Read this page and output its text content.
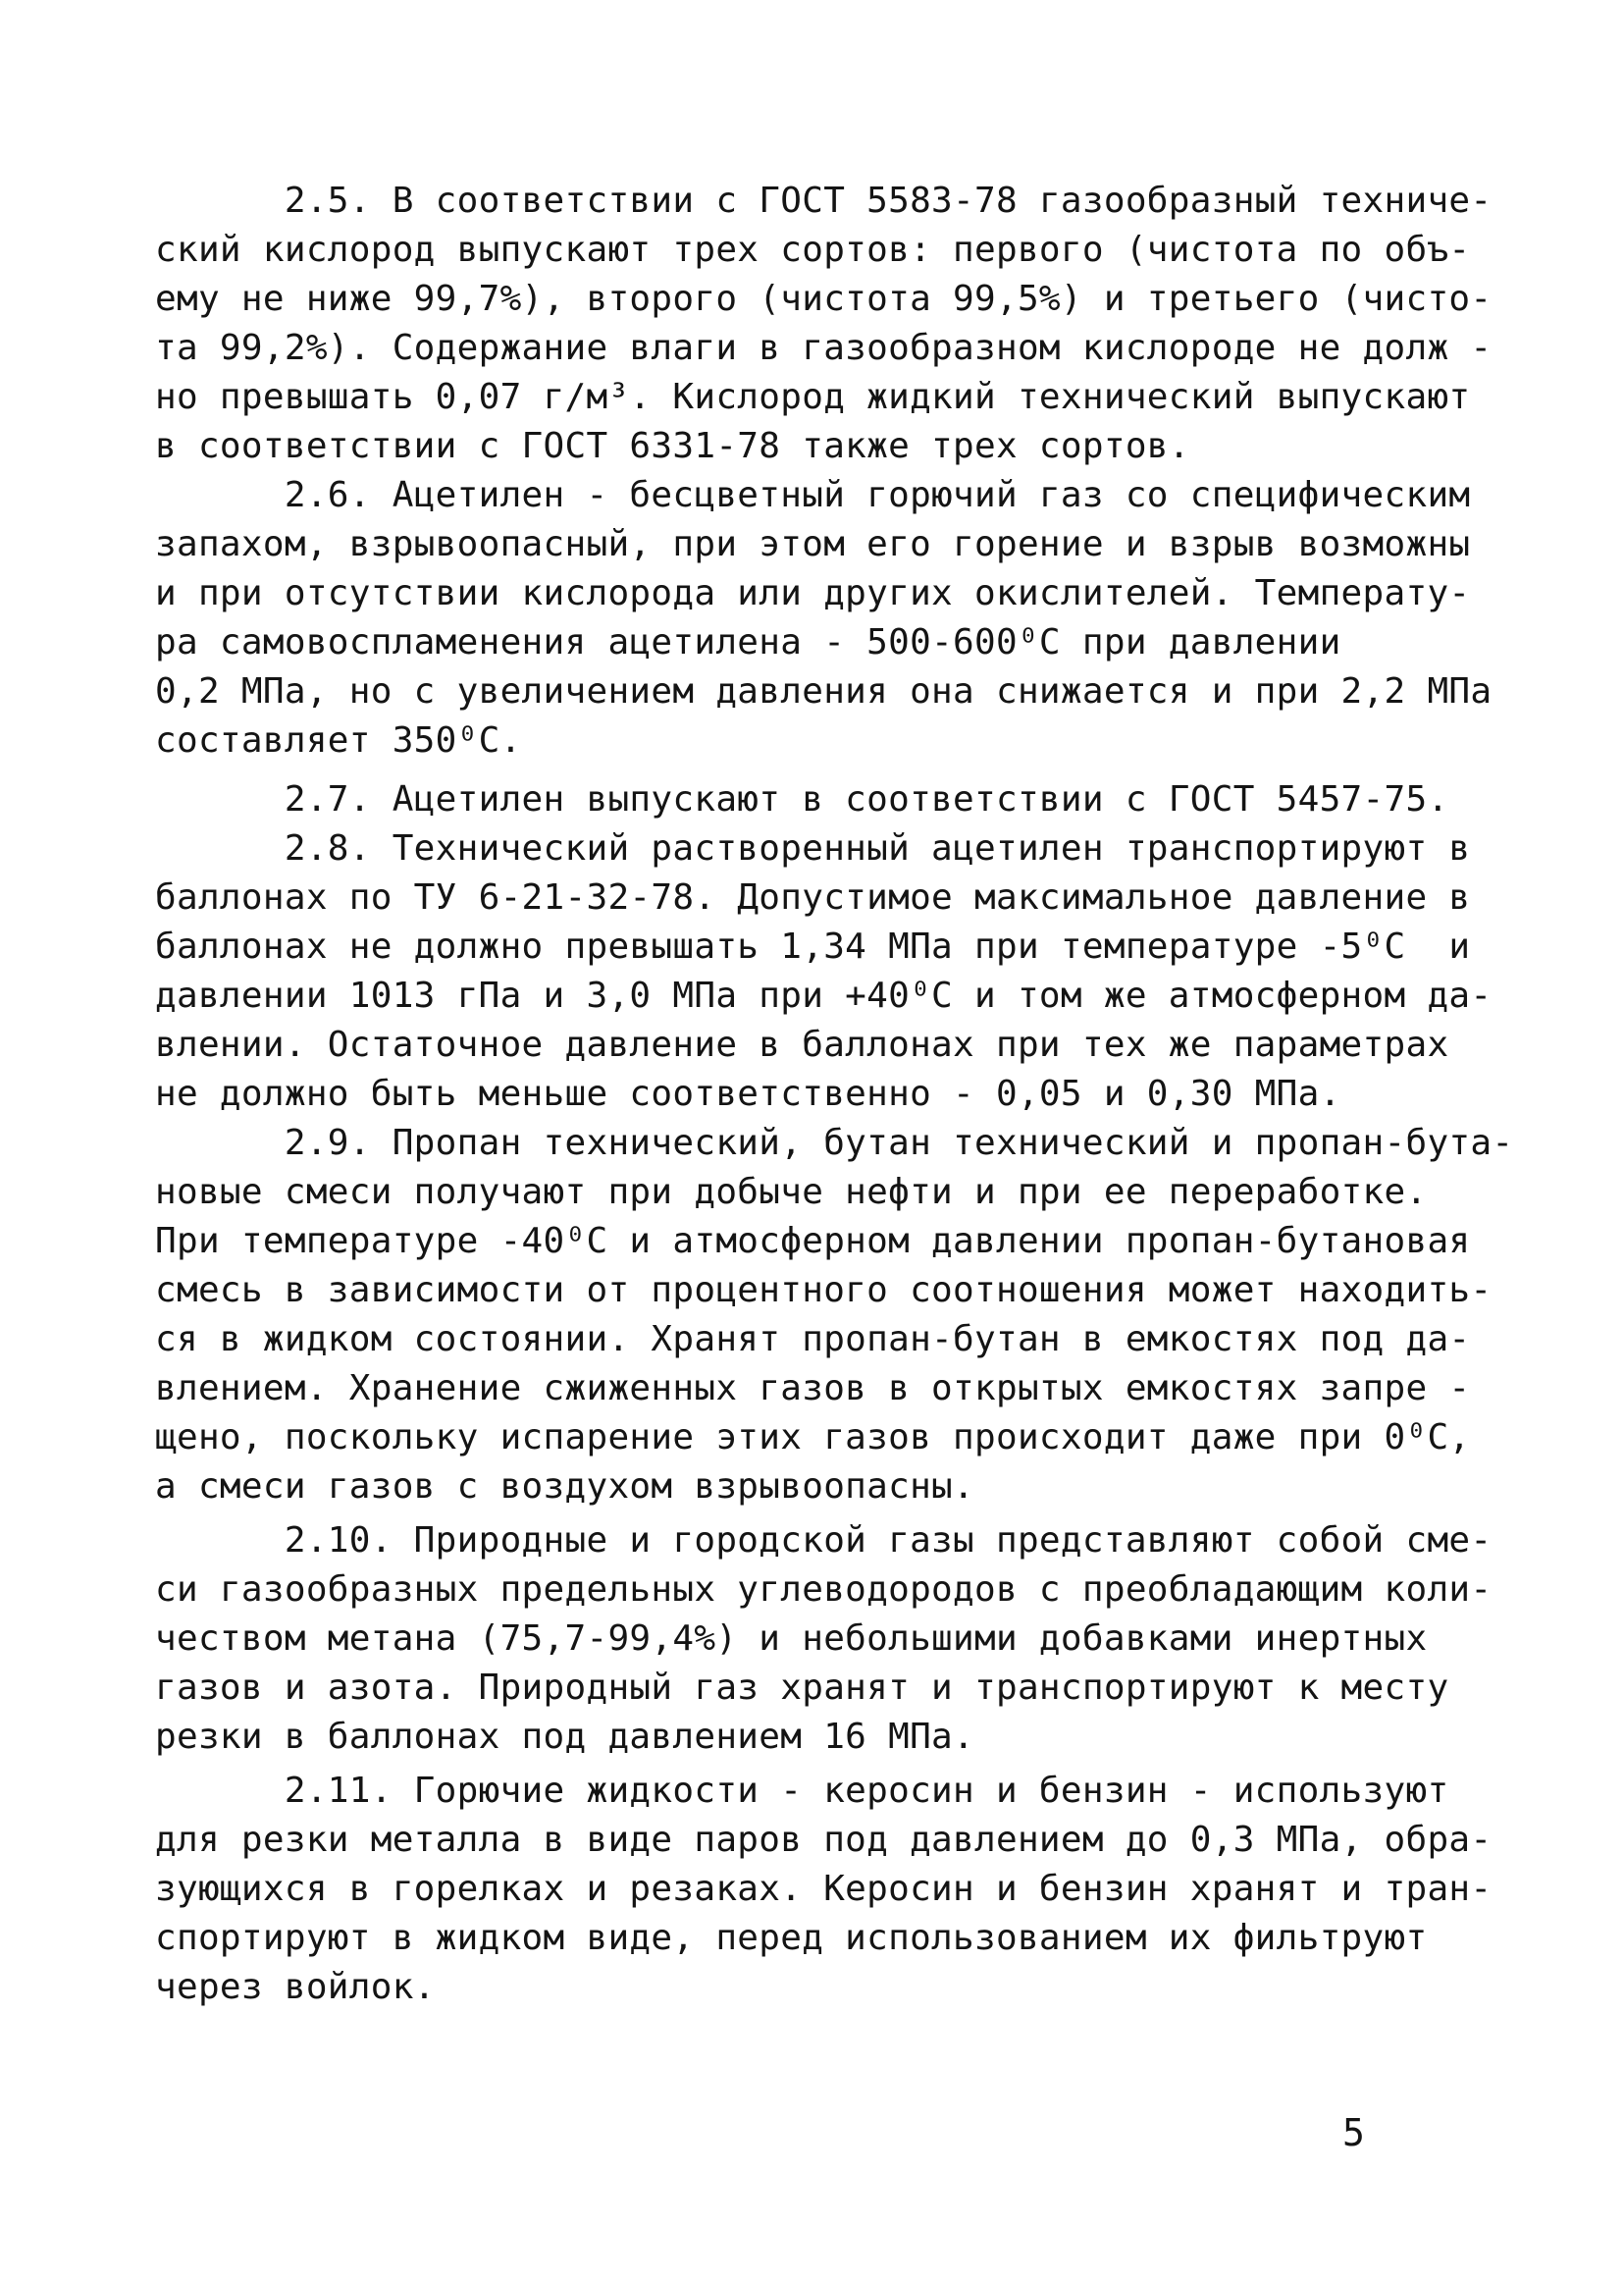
2.5. В соответствии с ГОСТ 5583-78 газообразный техниче-
ский кислород выпускают трех сортов: первого (чистота по объ-
ему не ниже 99,7%), второго (чистота 99,5%) и третьего (чисто-
та 99,2%). Содержание влаги в газообразном кислороде не долж -
но превышать 0,07 г/м³. Кислород жидкий технический выпускают
в соответствии с ГОСТ 6331-78 также трех сортов.
2.6. Ацетилен - бесцветный горючий газ со специфическим
запахом, взрывоопасный, при этом его горение и взрыв возможны
и при отсутствии кислорода или других окислителей. Температу-
ра самовоспламенения ацетилена - 500-600⁰С при давлении
0,2 МПа, но с увеличением давления она снижается и при 2,2 МПа
составляет 350⁰С.
2.7. Ацетилен выпускают в соответствии с ГОСТ 5457-75.
2.8. Технический растворенный ацетилен транспортируют в
баллонах по ТУ 6-21-32-78. Допустимое максимальное давление в
баллонах не должно превышать 1,34 МПа при температуре -5⁰С  и
давлении 1013 гПа и 3,0 МПа при +40⁰С и том же атмосферном да-
влении. Остаточное давление в баллонах при тех же параметрах
не должно быть меньше соответственно - 0,05 и 0,30 МПа.
2.9. Пропан технический, бутан технический и пропан-бута-
новые смеси получают при добыче нефти и при ее переработке.
При температуре -40⁰С и атмосферном давлении пропан-бутановая
смесь в зависимости от процентного соотношения может находить-
ся в жидком состоянии. Хранят пропан-бутан в емкостях под да-
влением. Хранение сжиженных газов в открытых емкостях запре -
щено, поскольку испарение этих газов происходит даже при 0⁰С,
а смеси газов с воздухом взрывоопасны.
2.10. Природные и городской газы представляют собой сме-
си газообразных предельных углеводородов с преобладающим коли-
чеством метана (75,7-99,4%) и небольшими добавками инертных
газов и азота. Природный газ хранят и транспортируют к месту
резки в баллонах под давлением 16 МПа.
2.11. Горючие жидкости - керосин и бензин - используют
для резки металла в виде паров под давлением до 0,3 МПа, обра-
зующихся в горелках и резаках. Керосин и бензин хранят и тран-
спортируют в жидком виде, перед использованием их фильтруют
через войлок.
5
